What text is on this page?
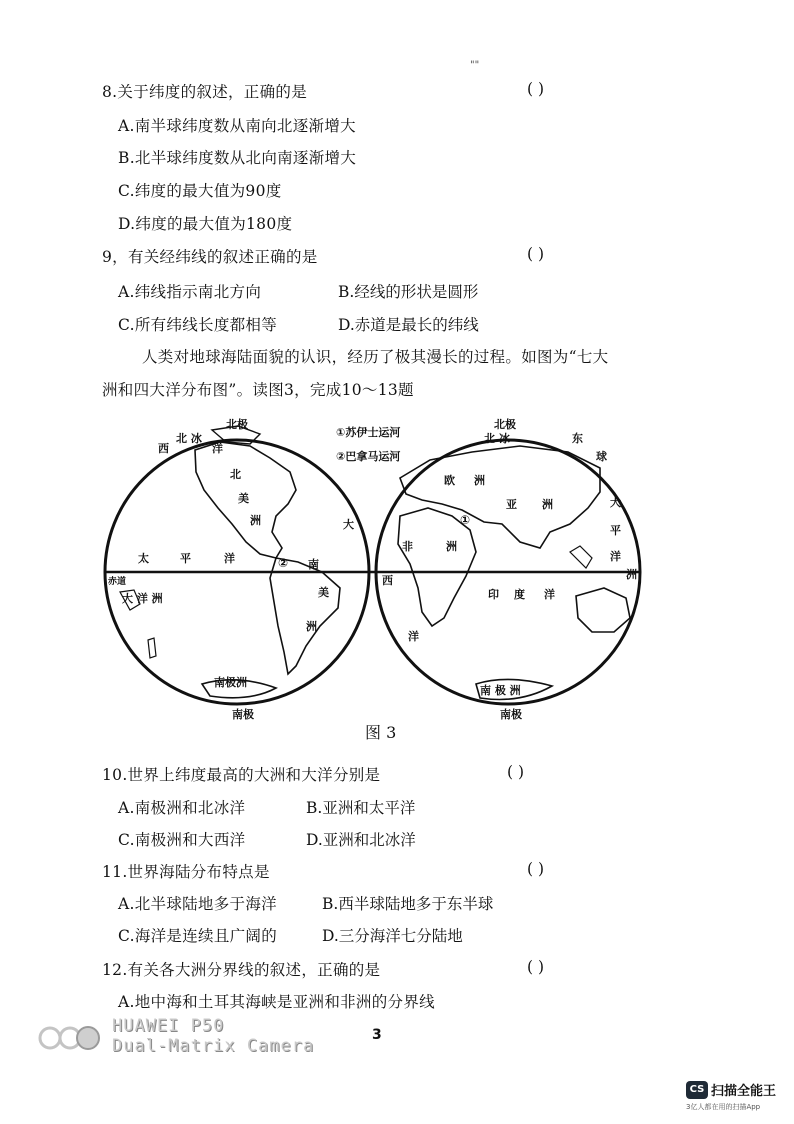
""
8.关于纬度的叙述，正确的是	( )
A.南半球纬度数从南向北逐渐增大
B.北半球纬度数从北向南逐渐增大
C.纬度的最大值为90度
D.纬度的最大值为180度
9，有关经纬线的叙述正确的是	( )
A.纬线指示南北方向	B.经线的形状是圆形
C.所有纬线长度都相等	D.赤道是最长的纬线
人类对地球海陆面貌的认识，经历了极其漫长的过程。如图为“七大
洲和四大洋分布图”。读图3，完成10～13题
北极
西
北 冰
洋
北
美
洲	大
太	平	洋
赤道
大 洋 洲
② 南
美
洲
南极洲
南极
①苏伊士运河
②巴拿马运河
北极
北 冰	东
球
欧 洲
亚 洲
①
非	洲
大
平
洋
洲
西
印 度 洋
洋
南 极 洲
南极
图 3
10.世界上纬度最高的大洲和大洋分别是	( )
A.南极洲和北冰洋	B.亚洲和太平洋
C.南极洲和大西洋	D.亚洲和北冰洋
11.世界海陆分布特点是	( )
A.北半球陆地多于海洋	B.西半球陆地多于东半球
C.海洋是连续且广阔的	D.三分海洋七分陆地
12.有关各大洲分界线的叙述，正确的是	( )
A.地中海和土耳其海峡是亚洲和非洲的分界线
HUAWEI P50
Dual-Matrix Camera
3
CS 扫描全能王
3亿人都在用的扫描App
